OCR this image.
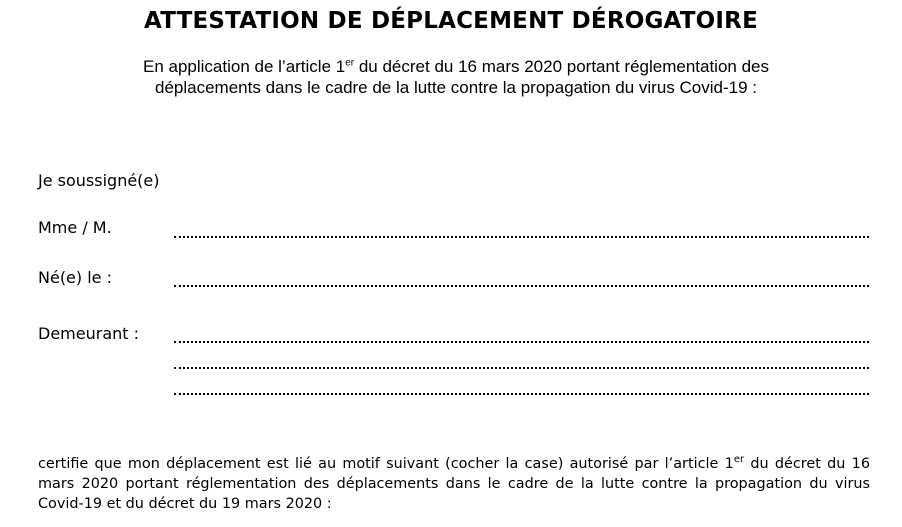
ATTESTATION DE DÉPLACEMENT DÉROGATOIRE
En application de l’article 1er du décret du 16 mars 2020 portant réglementation des
déplacements dans le cadre de la lutte contre la propagation du virus Covid-19 :
Je soussigné(e)
Mme / M.
Né(e) le :
Demeurant :
certifie que mon déplacement est lié au motif suivant (cocher la case) autorisé par l’article 1er du décret du 16 mars 2020 portant réglementation des déplacements dans le cadre de la lutte contre la propagation du virus Covid-19 et du décret du 19 mars 2020 :
